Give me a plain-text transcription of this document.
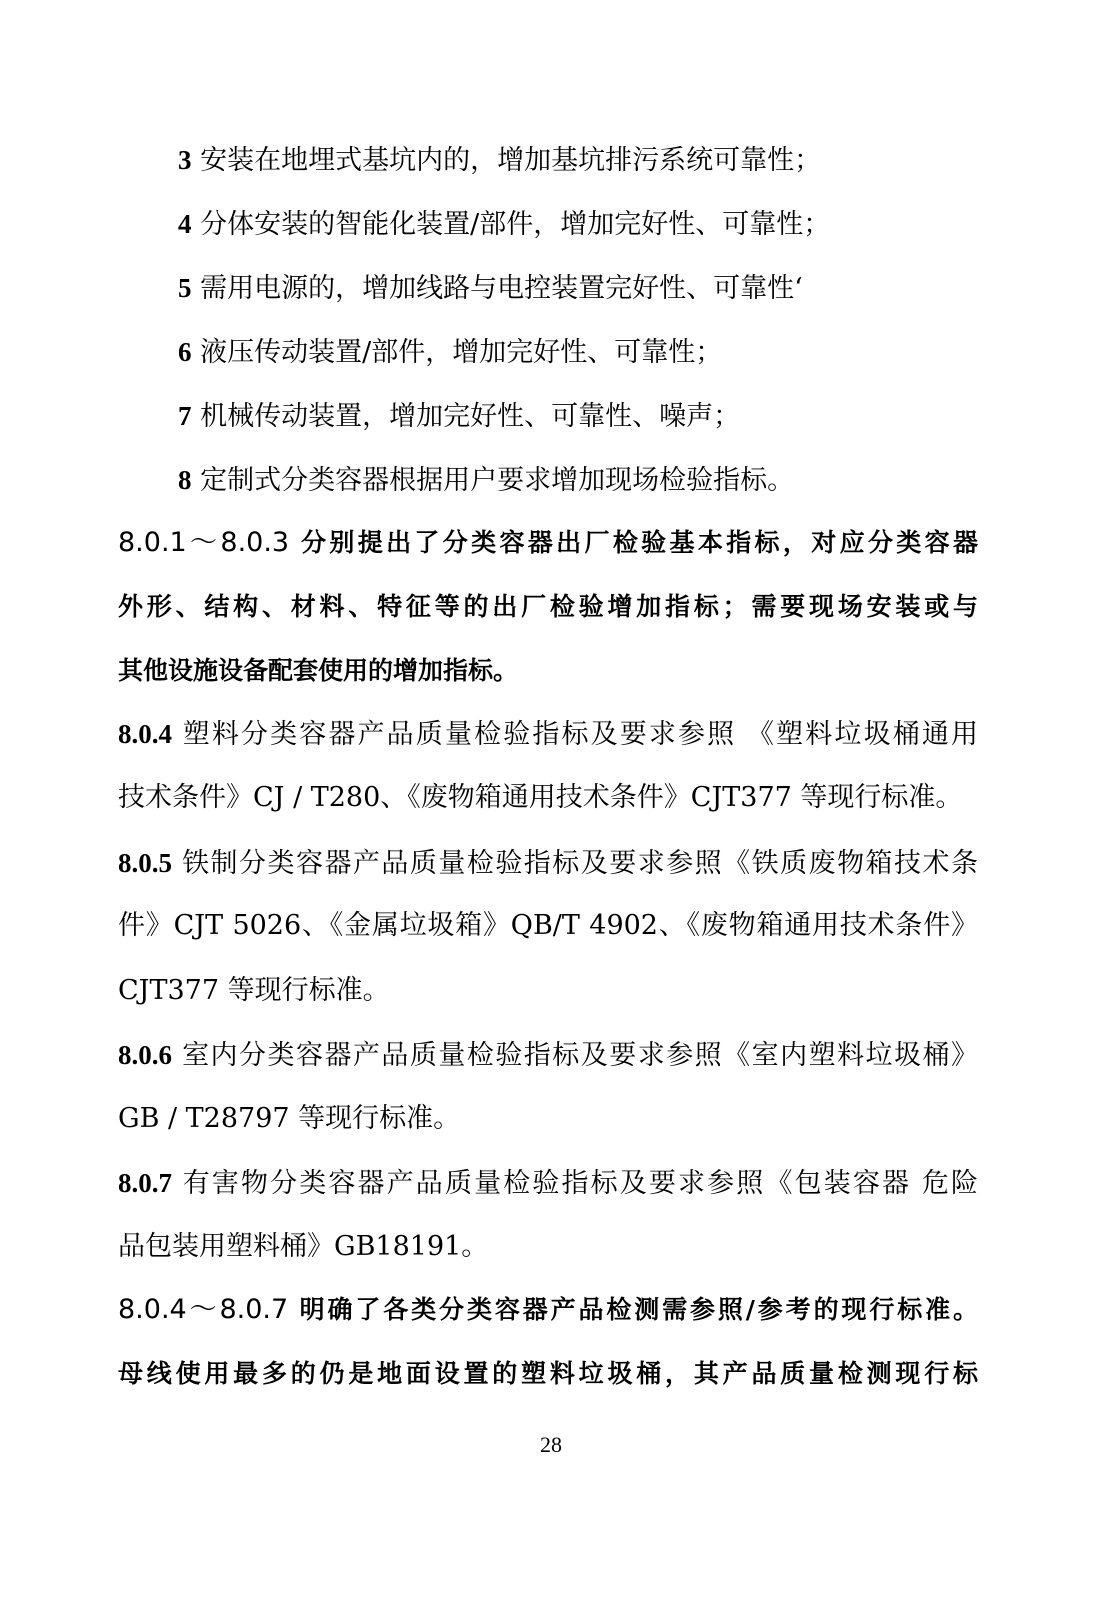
3 安装在地埋式基坑内的，增加基坑排污系统可靠性；

4 分体安装的智能化装置/部件，增加完好性、可靠性；

5 需用电源的，增加线路与电控装置完好性、可靠性‘

6 液压传动装置/部件，增加完好性、可靠性；

7 机械传动装置，增加完好性、可靠性、噪声；

8 定制式分类容器根据用户要求增加现场检验指标。

8.0.1～8.0.3 分别提出了分类容器出厂检验基本指标，对应分类容器

外形、结构、材料、特征等的出厂检验增加指标；需要现场安装或与

其他设施设备配套使用的增加指标。

8.0.4 塑料分类容器产品质量检验指标及要求参照 《塑料垃圾桶通用

技术条件》CJ / T280、《废物箱通用技术条件》CJT377 等现行标准。

8.0.5 铁制分类容器产品质量检验指标及要求参照《铁质废物箱技术条

件》CJT 5026、《金属垃圾箱》QB/T 4902、《废物箱通用技术条件》

CJT377 等现行标准。

8.0.6 室内分类容器产品质量检验指标及要求参照《室内塑料垃圾桶》

GB / T28797 等现行标准。

8.0.7 有害物分类容器产品质量检验指标及要求参照《包装容器 危险

品包装用塑料桶》GB18191。

8.0.4～8.0.7 明确了各类分类容器产品检测需参照/参考的现行标准。

母线使用最多的仍是地面设置的塑料垃圾桶，其产品质量检测现行标

28
